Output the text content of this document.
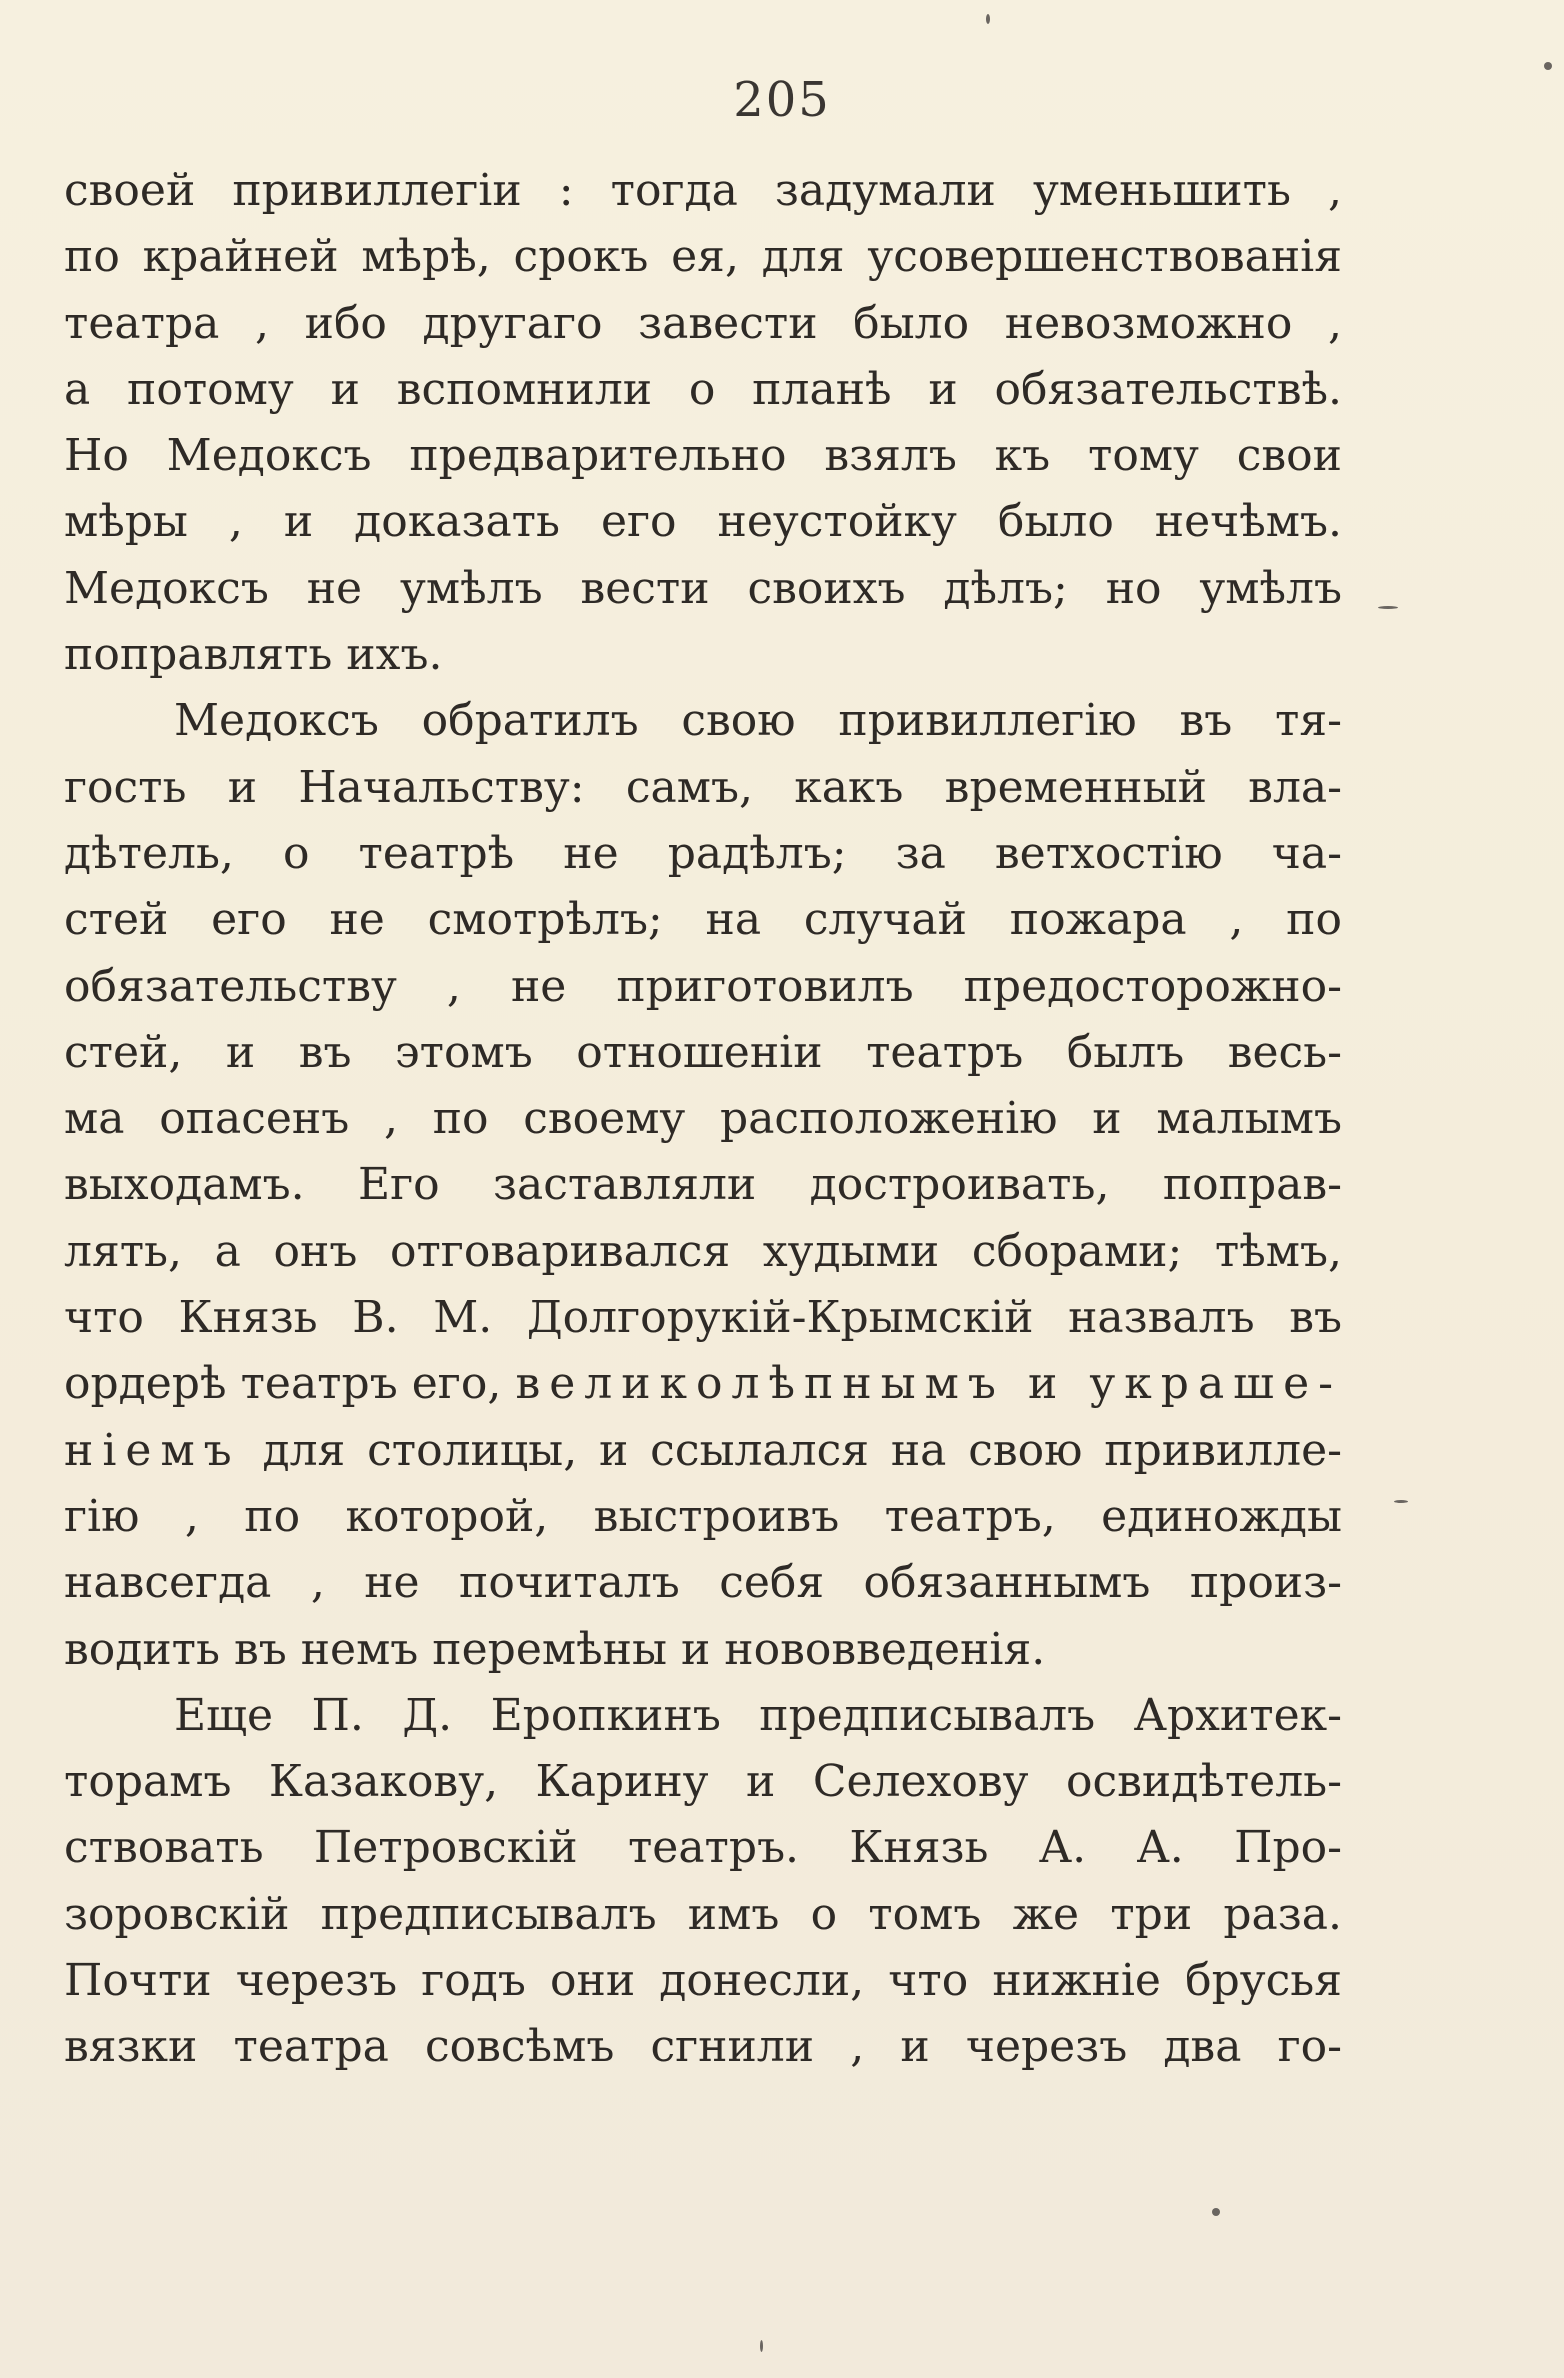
205
своей привиллегіи : тогда задумали уменьшить ,
по крайней мѣрѣ, срокъ ея, для усовершенствованія
театра , ибо другаго завести было невозможно ,
а потому и вспомнили о планѣ и обязательствѣ.
Но Медоксъ предварительно взялъ къ тому свои
мѣры , и доказать его неустойку было нечѣмъ.
Медоксъ не умѣлъ вести своихъ дѣлъ; но умѣлъ
поправлять ихъ.
Медоксъ обратилъ свою привиллегію въ тя-
гость и Начальству: самъ, какъ временный вла-
дѣтель, о театрѣ не радѣлъ; за ветхостію ча-
стей его не смотрѣлъ; на случай пожара , по
обязательству , не приготовилъ предосторожно-
стей, и въ этомъ отношеніи театръ былъ весь-
ма опасенъ , по своему расположенію и малымъ
выходамъ. Его заставляли достроивать, поправ-
лять, а онъ отговаривался худыми сборами; тѣмъ,
что Князь В. М. Долгорукій-Крымскій назвалъ въ
ордерѣ театръ его, великолѣпнымъ и украше-
ніемъ для столицы, и ссылался на свою привилле-
гію , по которой, выстроивъ театръ, единожды
навсегда , не почиталъ себя обязаннымъ произ-
водить въ немъ перемѣны и нововведенія.
Еще П. Д. Еропкинъ предписывалъ Архитек-
торамъ Казакову, Карину и Селехову освидѣтель-
ствовать Петровскій театръ. Князь А. А. Про-
зоровскій предписывалъ имъ о томъ же три раза.
Почти черезъ годъ они донесли, что нижніе брусья
вязки театра совсѣмъ сгнили , и черезъ два го-
